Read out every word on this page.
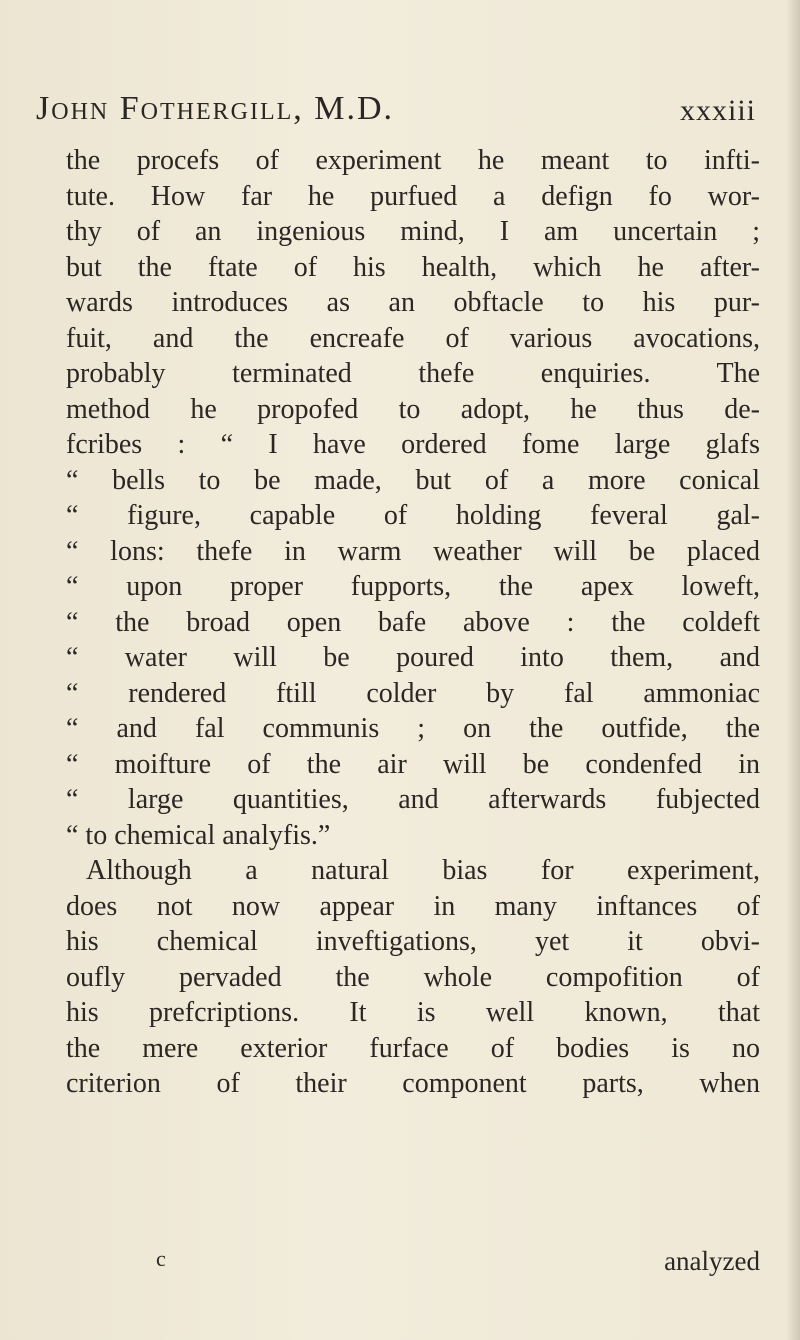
John Fothergill, M.D.	xxxiii
the procefs of experiment he meant to infti-
tute. How far he purfued a defign fo wor-
thy of an ingenious mind, I am uncertain ;
but the ftate of his health, which he after-
wards introduces as an obftacle to his pur-
fuit, and the encreafe of various avocations,
probably terminated thefe enquiries. The
method he propofed to adopt, he thus de-
fcribes : “ I have ordered fome large glafs
“ bells to be made, but of a more conical
“ figure, capable of holding feveral gal-
“ lons: thefe in warm weather will be placed
“ upon proper fupports, the apex loweft,
“ the broad open bafe above : the coldeft
“ water will be poured into them, and
“ rendered ftill colder by fal ammoniac
“ and fal communis ; on the outfide, the
“ moifture of the air will be condenfed in
“ large quantities, and afterwards fubjected
“ to chemical analyfis.”
Although a natural bias for experiment,
does not now appear in many inftances of
his chemical inveftigations, yet it obvi-
oufly pervaded the whole compofition of
his prefcriptions. It is well known, that
the mere exterior furface of bodies is no
criterion of their component parts, when
c	analyzed
